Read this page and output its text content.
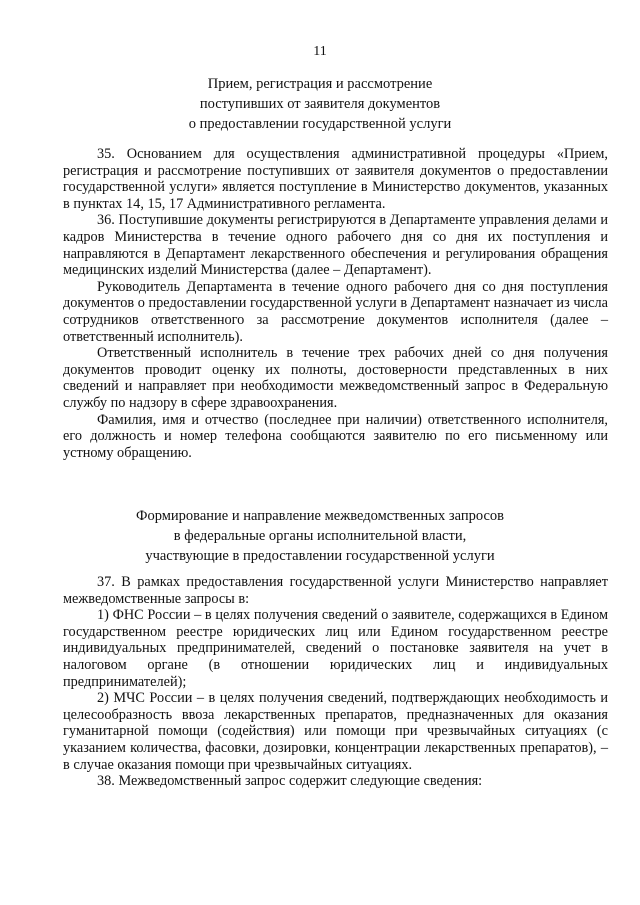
11
Прием, регистрация и рассмотрение
поступивших от заявителя документов
о предоставлении государственной услуги

35. Основанием для осуществления административной процедуры «Прием, регистрация и рассмотрение поступивших от заявителя документов о предоставлении государственной услуги» является поступление в Министерство документов, указанных в пунктах 14, 15, 17 Административного регламента.

36. Поступившие документы регистрируются в Департаменте управления делами и кадров Министерства в течение одного рабочего дня со дня их поступления и направляются в Департамент лекарственного обеспечения и регулирования обращения медицинских изделий Министерства (далее – Департамент).

Руководитель Департамента в течение одного рабочего дня со дня поступления документов о предоставлении государственной услуги в Департамент назначает из числа сотрудников ответственного за рассмотрение документов исполнителя (далее – ответственный исполнитель).

Ответственный исполнитель в течение трех рабочих дней со дня получения документов проводит оценку их полноты, достоверности представленных в них сведений и направляет при необходимости межведомственный запрос в Федеральную службу по надзору в сфере здравоохранения.

Фамилия, имя и отчество (последнее при наличии) ответственного исполнителя, его должность и номер телефона сообщаются заявителю по его письменному или устному обращению.

Формирование и направление межведомственных запросов
в федеральные органы исполнительной власти,
участвующие в предоставлении государственной услуги

37. В рамках предоставления государственной услуги Министерство направляет межведомственные запросы в:

1) ФНС России – в целях получения сведений о заявителе, содержащихся в Едином государственном реестре юридических лиц или Едином государственном реестре индивидуальных предпринимателей, сведений о постановке заявителя на учет в налоговом органе (в отношении юридических лиц и индивидуальных предпринимателей);

2) МЧС России – в целях получения сведений, подтверждающих необходимость и целесообразность ввоза лекарственных препаратов, предназначенных для оказания гуманитарной помощи (содействия) или помощи при чрезвычайных ситуациях (с указанием количества, фасовки, дозировки, концентрации лекарственных препаратов), – в случае оказания помощи при чрезвычайных ситуациях.

38. Межведомственный запрос содержит следующие сведения:
